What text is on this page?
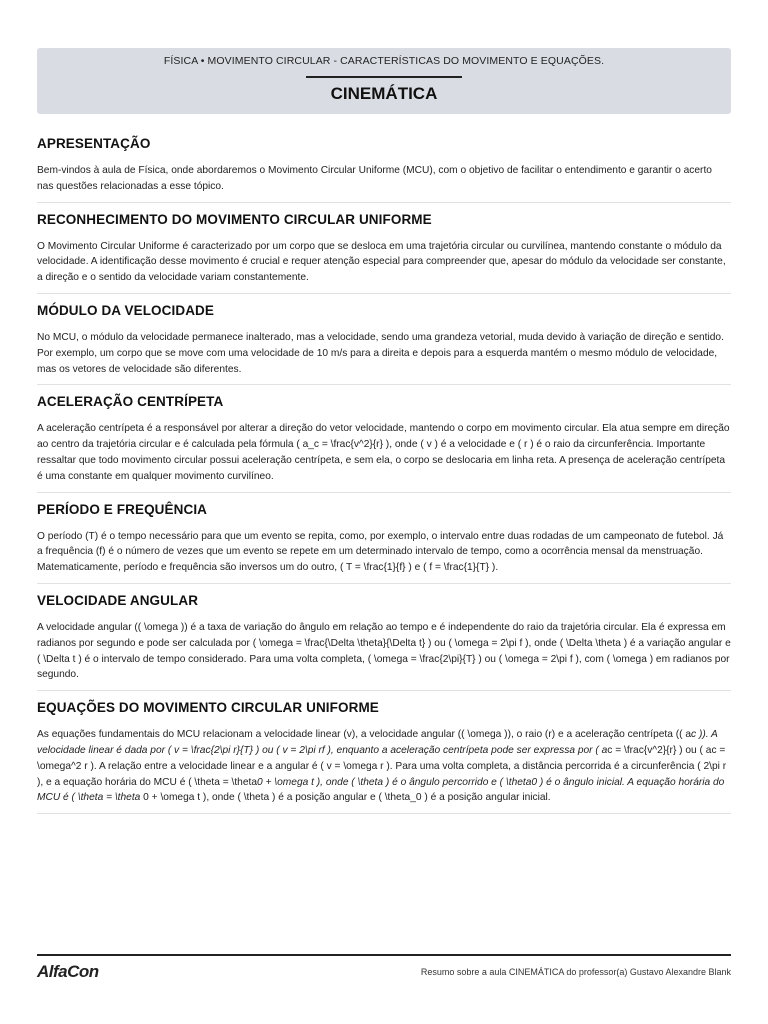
FÍSICA • MOVIMENTO CIRCULAR - CARACTERÍSTICAS DO MOVIMENTO E EQUAÇÕES.
CINEMÁTICA
APRESENTAÇÃO

Bem-vindos à aula de Física, onde abordaremos o Movimento Circular Uniforme (MCU), com o objetivo de facilitar o entendimento e garantir o acerto nas questões relacionadas a esse tópico.

RECONHECIMENTO DO MOVIMENTO CIRCULAR UNIFORME

O Movimento Circular Uniforme é caracterizado por um corpo que se desloca em uma trajetória circular ou curvilínea, mantendo constante o módulo da velocidade. A identificação desse movimento é crucial e requer atenção especial para compreender que, apesar do módulo da velocidade ser constante, a direção e o sentido da velocidade variam constantemente.

MÓDULO DA VELOCIDADE

No MCU, o módulo da velocidade permanece inalterado, mas a velocidade, sendo uma grandeza vetorial, muda devido à variação de direção e sentido. Por exemplo, um corpo que se move com uma velocidade de 10 m/s para a direita e depois para a esquerda mantém o mesmo módulo de velocidade, mas os vetores de velocidade são diferentes.

ACELERAÇÃO CENTRÍPETA

A aceleração centrípeta é a responsável por alterar a direção do vetor velocidade, mantendo o corpo em movimento circular. Ela atua sempre em direção ao centro da trajetória circular e é calculada pela fórmula ( a_c = \frac{v^2}{r} ), onde ( v ) é a velocidade e ( r ) é o raio da circunferência. Importante ressaltar que todo movimento circular possui aceleração centrípeta, e sem ela, o corpo se deslocaria em linha reta. A presença de aceleração centrípeta é uma constante em qualquer movimento curvilíneo.

PERÍODO E FREQUÊNCIA

O período (T) é o tempo necessário para que um evento se repita, como, por exemplo, o intervalo entre duas rodadas de um campeonato de futebol. Já a frequência (f) é o número de vezes que um evento se repete em um determinado intervalo de tempo, como a ocorrência mensal da menstruação. Matematicamente, período e frequência são inversos um do outro, ( T = \frac{1}{f} ) e ( f = \frac{1}{T} ).

VELOCIDADE ANGULAR

A velocidade angular (( \omega )) é a taxa de variação do ângulo em relação ao tempo e é independente do raio da trajetória circular. Ela é expressa em radianos por segundo e pode ser calculada por ( \omega = \frac{\Delta \theta}{\Delta t} ) ou ( \omega = 2\pi f ), onde ( \Delta \theta ) é a variação angular e ( \Delta t ) é o intervalo de tempo considerado. Para uma volta completa, ( \omega = \frac{2\pi}{T} ) ou ( \omega = 2\pi f ), com ( \omega ) em radianos por segundo.

EQUAÇÕES DO MOVIMENTO CIRCULAR UNIFORME

As equações fundamentais do MCU relacionam a velocidade linear (v), a velocidade angular (( \omega )), o raio (r) e a aceleração centrípeta (( ac )). A velocidade linear é dada por ( v = \frac{2\pi r}{T} ) ou ( v = 2\pi rf ), enquanto a aceleração centrípeta pode ser expressa por ( ac = \frac{v^2}{r} ) ou ( ac = \omega^2 r ). A relação entre a velocidade linear e a angular é ( v = \omega r ). Para uma volta completa, a distância percorrida é a circunferência ( 2\pi r ), e a equação horária do MCU é ( \theta = \theta0 + \omega t ), onde ( \theta ) é o ângulo percorrido e ( \theta0 ) é o ângulo inicial. A equação horária do MCU é ( \theta = \theta 0 + \omega t ), onde ( \theta ) é a posição angular e ( \theta_0 ) é a posição angular inicial.

AlfaCon	Resumo sobre a aula CINEMÁTICA do professor(a) Gustavo Alexandre Blank
